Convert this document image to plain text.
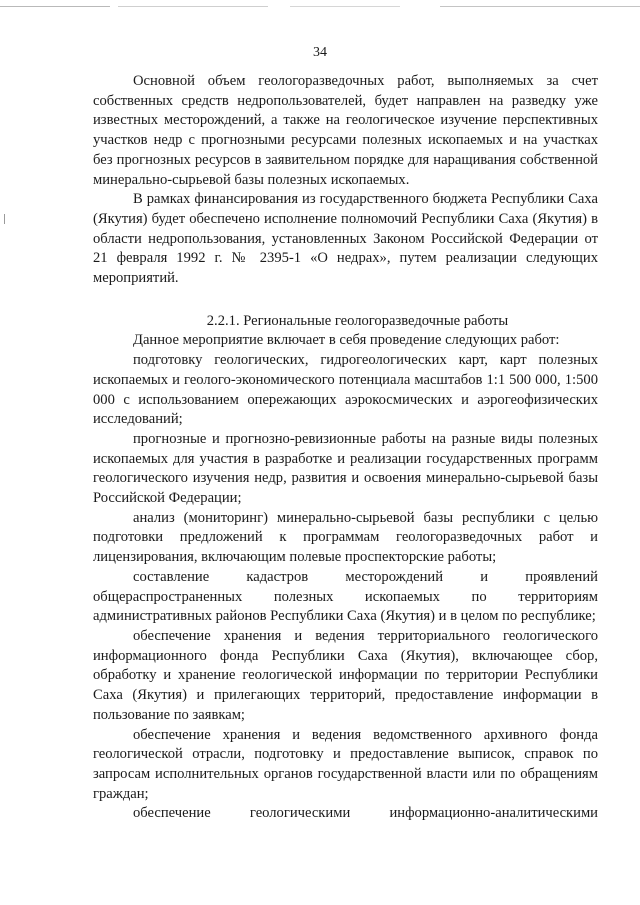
34

Основной объем геологоразведочных работ, выполняемых за счет собственных средств недропользователей, будет направлен на разведку уже известных месторождений, а также на геологическое изучение перспективных участков недр с прогнозными ресурсами полезных ископаемых и на участках без прогнозных ресурсов в заявительном порядке для наращивания собственной минерально-сырьевой базы полезных ископаемых.

В рамках финансирования из государственного бюджета Республики Саха (Якутия) будет обеспечено исполнение полномочий Республики Саха (Якутия) в области недропользования, установленных Законом Российской Федерации от 21 февраля 1992 г. № 2395-1 «О недрах», путем реализации следующих мероприятий.

2.2.1. Региональные геологоразведочные работы

Данное мероприятие включает в себя проведение следующих работ:

подготовку геологических, гидрогеологических карт, карт полезных ископаемых и геолого-экономического потенциала масштабов 1:1 500 000, 1:500 000 с использованием опережающих аэрокосмических и аэрогеофизических исследований;

прогнозные и прогнозно-ревизионные работы на разные виды полезных ископаемых для участия в разработке и реализации государственных программ геологического изучения недр, развития и освоения минерально-сырьевой базы Российской Федерации;

анализ (мониторинг) минерально-сырьевой базы республики с целью подготовки предложений к программам геологоразведочных работ и лицензирования, включающим полевые проспекторские работы;

составление кадастров месторождений и проявлений общераспространенных полезных ископаемых по территориям административных районов Республики Саха (Якутия) и в целом по республике;

обеспечение хранения и ведения территориального геологического информационного фонда Республики Саха (Якутия), включающее сбор, обработку и хранение геологической информации по территории Республики Саха (Якутия) и прилегающих территорий, предоставление информации в пользование по заявкам;

обеспечение хранения и ведения ведомственного архивного фонда геологической отрасли, подготовку и предоставление выписок, справок по запросам исполнительных органов государственной власти или по обращениям граждан;

обеспечение геологическими информационно-аналитическими
